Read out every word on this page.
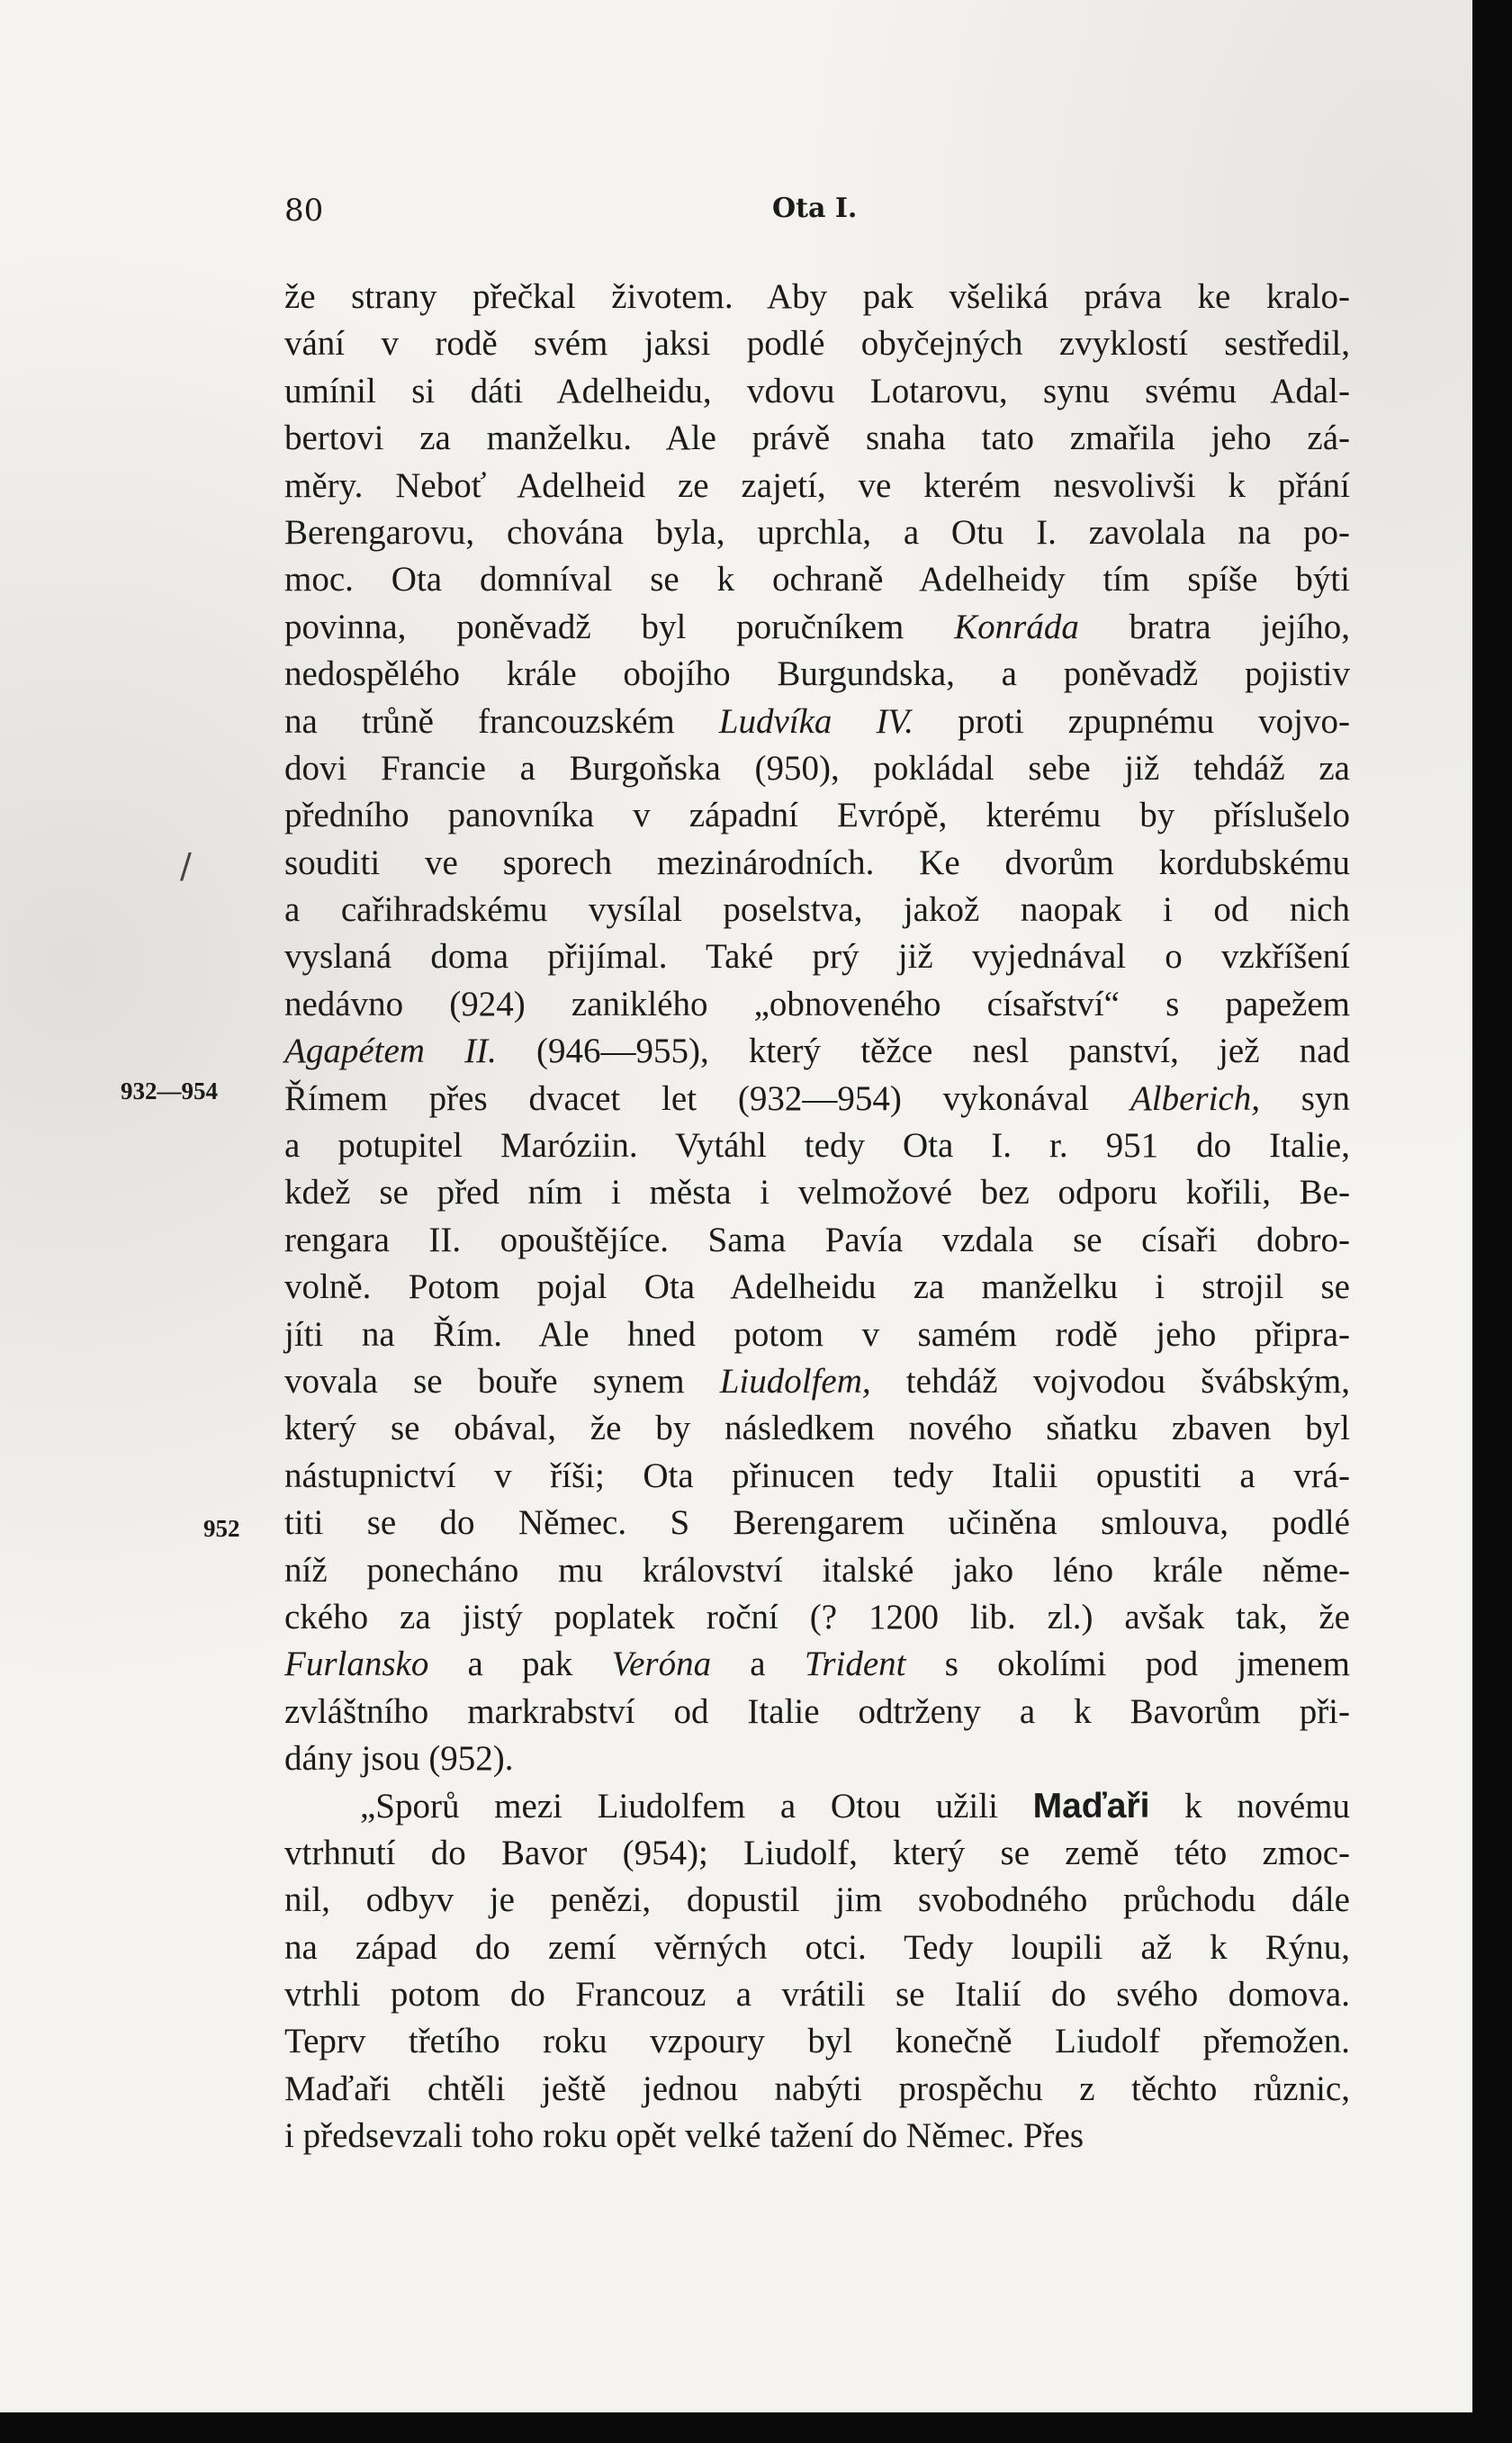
80	Ota I.
932—954
952
/
že strany přečkal životem. Aby pak všeliká práva ke kralo-
vání v rodě svém jaksi podlé obyčejných zvyklostí sestředil,
umínil si dáti Adelheidu, vdovu Lotarovu, synu svému Adal-
bertovi za manželku. Ale právě snaha tato zmařila jeho zá-
měry. Neboť Adelheid ze zajetí, ve kterém nesvolivši k přání
Berengarovu, chována byla, uprchla, a Otu I. zavolala na po-
moc. Ota domníval se k ochraně Adelheidy tím spíše býti
povinna, poněvadž byl poručníkem Konráda bratra jejího,
nedospělého krále obojího Burgundska, a poněvadž pojistiv
na trůně francouzském Ludvíka IV. proti zpupnému vojvo-
dovi Francie a Burgoňska (950), pokládal sebe již tehdáž za
předního panovníka v západní Evrópě, kterému by příslušelo
souditi ve sporech mezinárodních. Ke dvorům kordubskému
a cařihradskému vysílal poselstva, jakož naopak i od nich
vyslaná doma přijímal. Také prý již vyjednával o vzkříšení
nedávno (924) zaniklého „obnoveného císařství“ s papežem
Agapétem II. (946—955), který těžce nesl panství, jež nad
Římem přes dvacet let (932—954) vykonával Alberich, syn
a potupitel Maróziin. Vytáhl tedy Ota I. r. 951 do Italie,
kdež se před ním i města i velmožové bez odporu kořili, Be-
rengara II. opouštějíce. Sama Pavía vzdala se císaři dobro-
volně. Potom pojal Ota Adelheidu za manželku i strojil se
jíti na Řím. Ale hned potom v samém rodě jeho připra-
vovala se bouře synem Liudolfem, tehdáž vojvodou švábským,
který se obával, že by následkem nového sňatku zbaven byl
nástupnictví v říši; Ota přinucen tedy Italii opustiti a vrá-
titi se do Němec. S Berengarem učiněna smlouva, podlé
níž ponecháno mu království italské jako léno krále něme-
ckého za jistý poplatek roční (? 1200 lib. zl.) avšak tak, že
Furlansko a pak Veróna a Trident s okolími pod jmenem
zvláštního markrabství od Italie odtrženy a k Bavorům při-
dány jsou (952).
„Sporů mezi Liudolfem a Otou užili Maďaři k novému
vtrhnutí do Bavor (954); Liudolf, který se země této zmoc-
nil, odbyv je penězi, dopustil jim svobodného průchodu dále
na západ do zemí věrných otci. Tedy loupili až k Rýnu,
vtrhli potom do Francouz a vrátili se Italií do svého domova.
Teprv třetího roku vzpoury byl konečně Liudolf přemožen.
Maďaři chtěli ještě jednou nabýti prospěchu z těchto různic,
i předsevzali toho roku opět velké tažení do Němec. Přes
